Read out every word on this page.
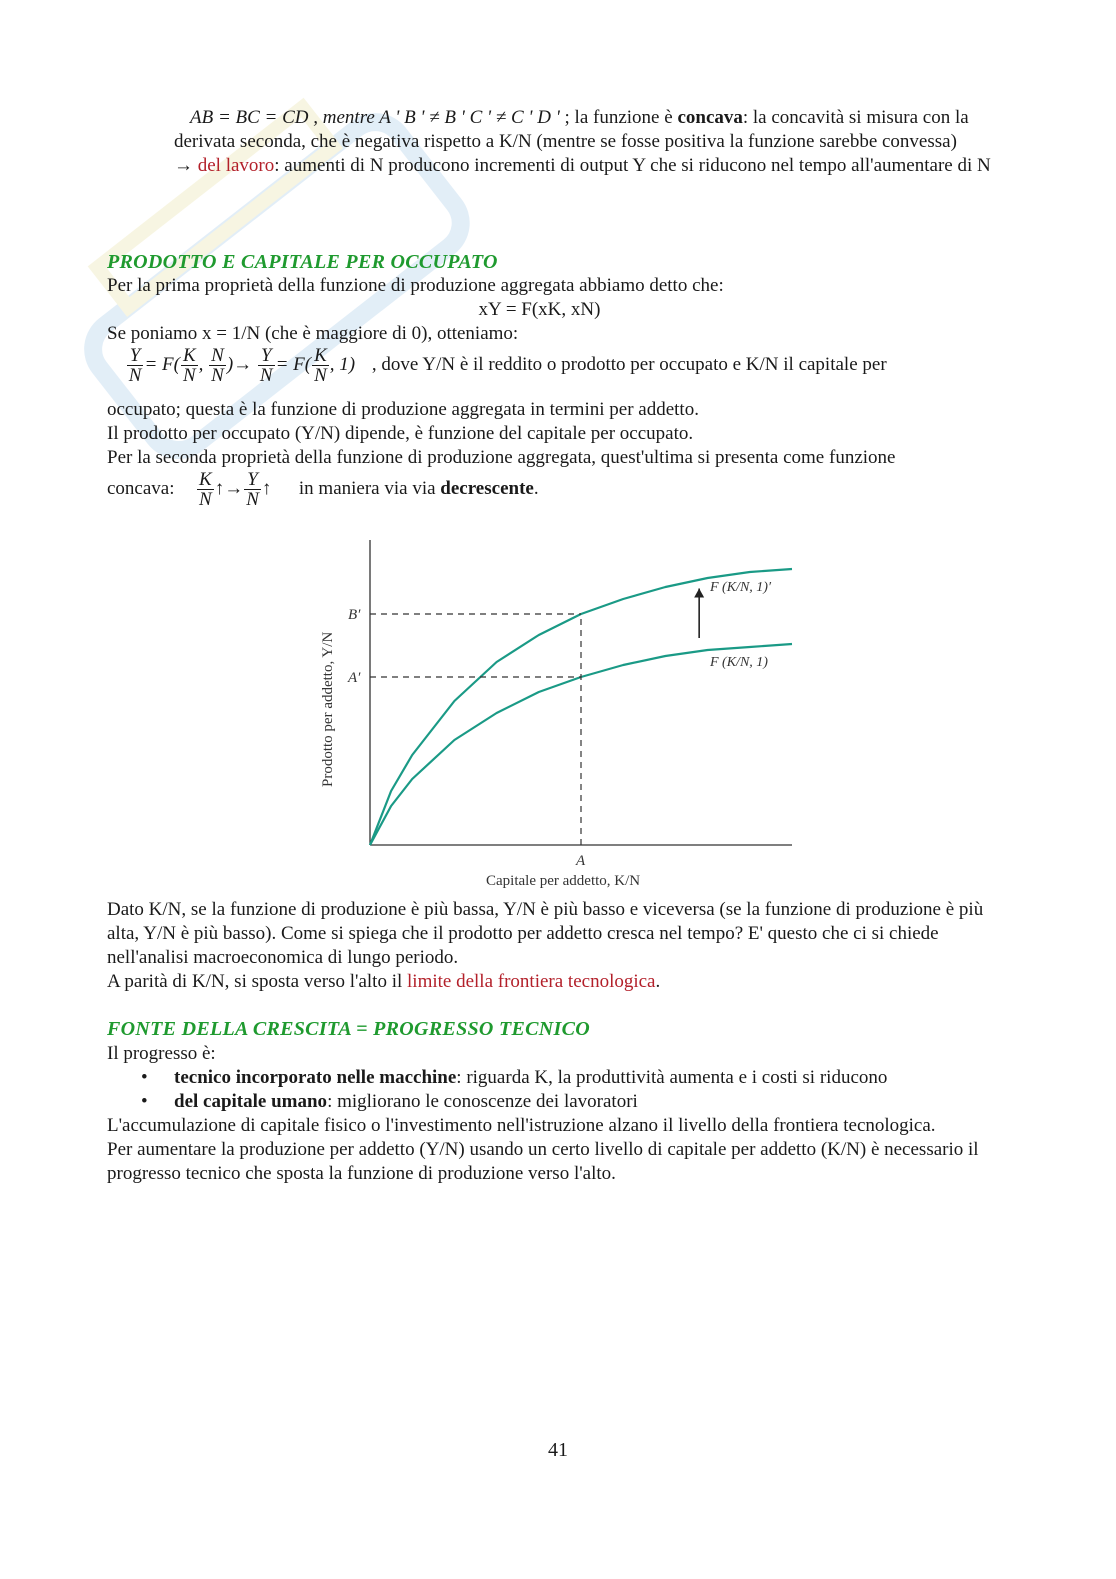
AB = BC = CD , mentre A ' B ' ≠ B ' C ' ≠ C ' D ' ; la funzione è concava: la concavità si misura con la derivata seconda, che è negativa rispetto a K/N (mentre se fosse positiva la funzione sarebbe convessa)
→ del lavoro: aumenti di N producono incrementi di output Y che si riducono nel tempo all'aumentare di N
PRODOTTO E CAPITALE PER OCCUPATO
Per la prima proprietà della funzione di produzione aggregata abbiamo detto che:
xY = F(xK, xN)
Se poniamo x = 1/N (che è maggiore di 0), otteniamo:

$\frac{Y}{N} = F( \frac{K}{N}$ , $\frac{N}{N}$ )→ $\frac{Y}{N} = F( \frac{K}{N}$ , 1) , dove Y/N è il reddito o prodotto per occupato e K/N il capitale per
occupato; questa è la funzione di produzione aggregata in termini per addetto.
Il prodotto per occupato (Y/N) dipende, è funzione del capitale per occupato.
Per la seconda proprietà della funzione di produzione aggregata, quest'ultima si presenta come funzione
concava: $\frac{K}{N}$ ↑→ $\frac{Y}{N}$ ↑ in maniera via via decrescente.
F (K/N, 1)′
F (K/N, 1)
B′
A′
A
Capitale per addetto, K/N
Prodotto per addetto, Y/N
Dato K/N, se la funzione di produzione è più bassa, Y/N è più basso e viceversa (se la funzione di produzione è più alta, Y/N è più basso). Come si spiega che il prodotto per addetto cresca nel tempo? E' questo che ci si chiede nell'analisi macroeconomica di lungo periodo.
A parità di K/N, si sposta verso l'alto il limite della frontiera tecnologica.
FONTE DELLA CRESCITA = PROGRESSO TECNICO
Il progresso è:
• tecnico incorporato nelle macchine: riguarda K, la produttività aumenta e i costi si riducono
• del capitale umano: migliorano le conoscenze dei lavoratori
L'accumulazione di capitale fisico o l'investimento nell'istruzione alzano il livello della frontiera tecnologica.
Per aumentare la produzione per addetto (Y/N) usando un certo livello di capitale per addetto (K/N) è necessario il progresso tecnico che sposta la funzione di produzione verso l'alto.
41
